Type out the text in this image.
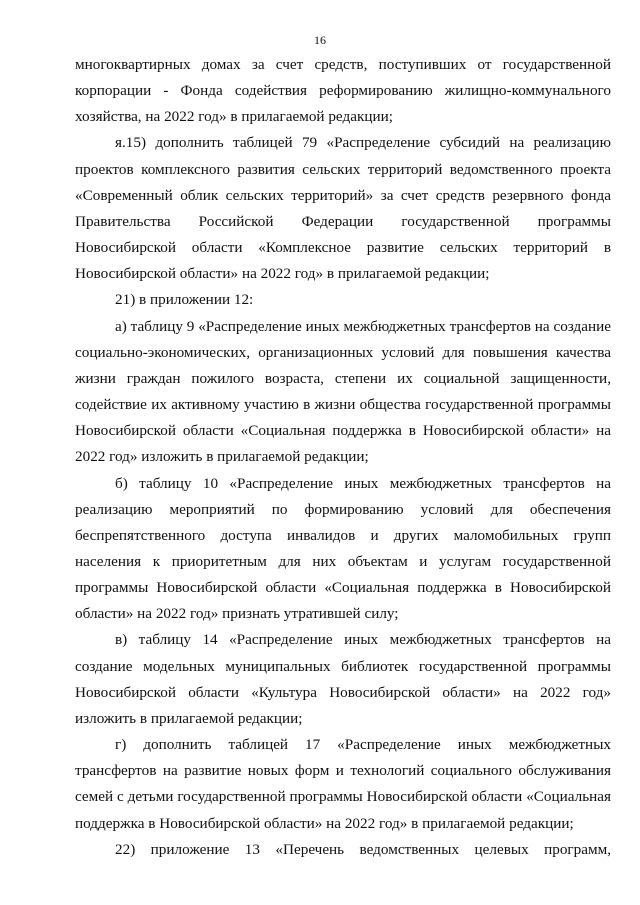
16

многоквартирных домах за счет средств, поступивших от государственной корпорации - Фонда содействия реформированию жилищно-коммунального хозяйства, на 2022 год» в прилагаемой редакции;

я.15) дополнить таблицей 79 «Распределение субсидий на реализацию проектов комплексного развития сельских территорий ведомственного проекта «Современный облик сельских территорий» за счет средств резервного фонда Правительства Российской Федерации государственной программы Новосибирской области «Комплексное развитие сельских территорий в Новосибирской области» на 2022 год» в прилагаемой редакции;

21) в приложении 12:

а) таблицу 9 «Распределение иных межбюджетных трансфертов на создание социально-экономических, организационных условий для повышения качества жизни граждан пожилого возраста, степени их социальной защищенности, содействие их активному участию в жизни общества государственной программы Новосибирской области «Социальная поддержка в Новосибирской области» на 2022 год» изложить в прилагаемой редакции;

б) таблицу 10 «Распределение иных межбюджетных трансфертов на реализацию мероприятий по формированию условий для обеспечения беспрепятственного доступа инвалидов и других маломобильных групп населения к приоритетным для них объектам и услугам государственной программы Новосибирской области «Социальная поддержка в Новосибирской области» на 2022 год» признать утратившей силу;

в) таблицу 14 «Распределение иных межбюджетных трансфертов на создание модельных муниципальных библиотек государственной программы Новосибирской области «Культура Новосибирской области» на 2022 год» изложить в прилагаемой редакции;

г) дополнить таблицей 17 «Распределение иных межбюджетных трансфертов на развитие новых форм и технологий социального обслуживания семей с детьми государственной программы Новосибирской области «Социальная поддержка в Новосибирской области» на 2022 год» в прилагаемой редакции;

22) приложение 13 «Перечень ведомственных целевых программ,
